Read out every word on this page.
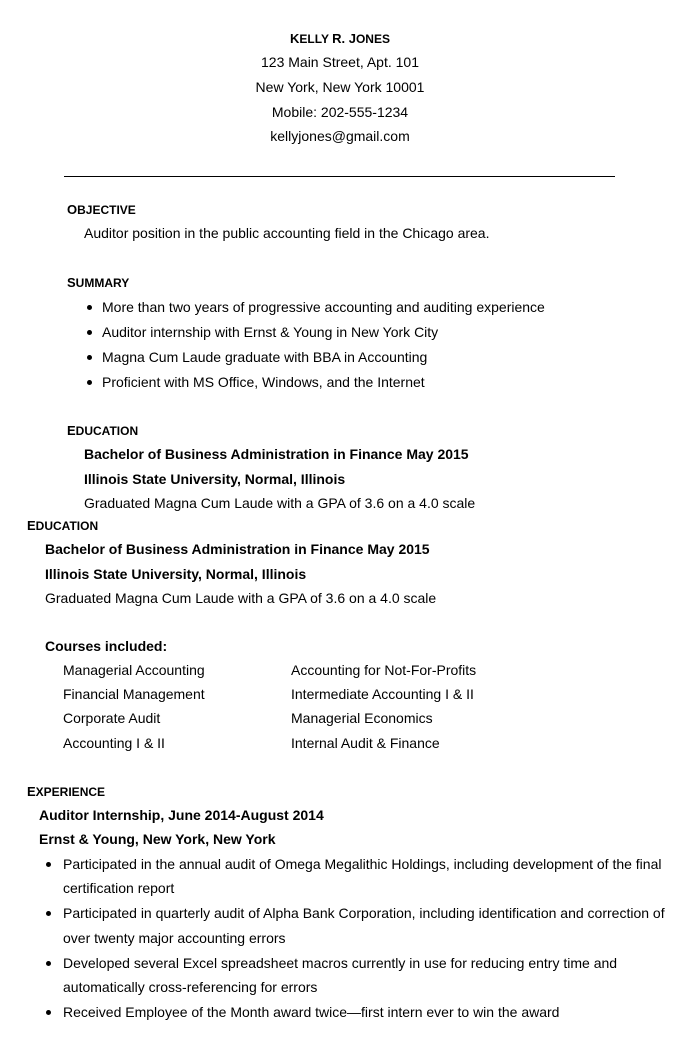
KELLY R. JONES
123 Main Street, Apt. 101
New York, New York 10001
Mobile: 202-555-1234
kellyjones@gmail.com
OBJECTIVE
Auditor position in the public accounting field in the Chicago area.
SUMMARY
More than two years of progressive accounting and auditing experience
Auditor internship with Ernst & Young in New York City
Magna Cum Laude graduate with BBA in Accounting
Proficient with MS Office, Windows, and the Internet
EDUCATION
Bachelor of Business Administration in Finance May 2015
Illinois State University, Normal, Illinois
Graduated Magna Cum Laude with a GPA of 3.6 on a 4.0 scale
EDUCATION
Bachelor of Business Administration in Finance May 2015
Illinois State University, Normal, Illinois
Graduated Magna Cum Laude with a GPA of 3.6 on a 4.0 scale
Courses included:
Managerial Accounting
Financial Management
Corporate Audit
Accounting I & II
Accounting for Not-For-Profits
Intermediate Accounting I & II
Managerial Economics
Internal Audit & Finance
EXPERIENCE
Auditor Internship, June 2014-August 2014
Ernst & Young, New York, New York
Participated in the annual audit of Omega Megalithic Holdings, including development of the final
certification report
Participated in quarterly audit of Alpha Bank Corporation, including identification and correction of
over twenty major accounting errors
Developed several Excel spreadsheet macros currently in use for reducing entry time and
automatically cross-referencing for errors
Received Employee of the Month award twice—first intern ever to win the award
